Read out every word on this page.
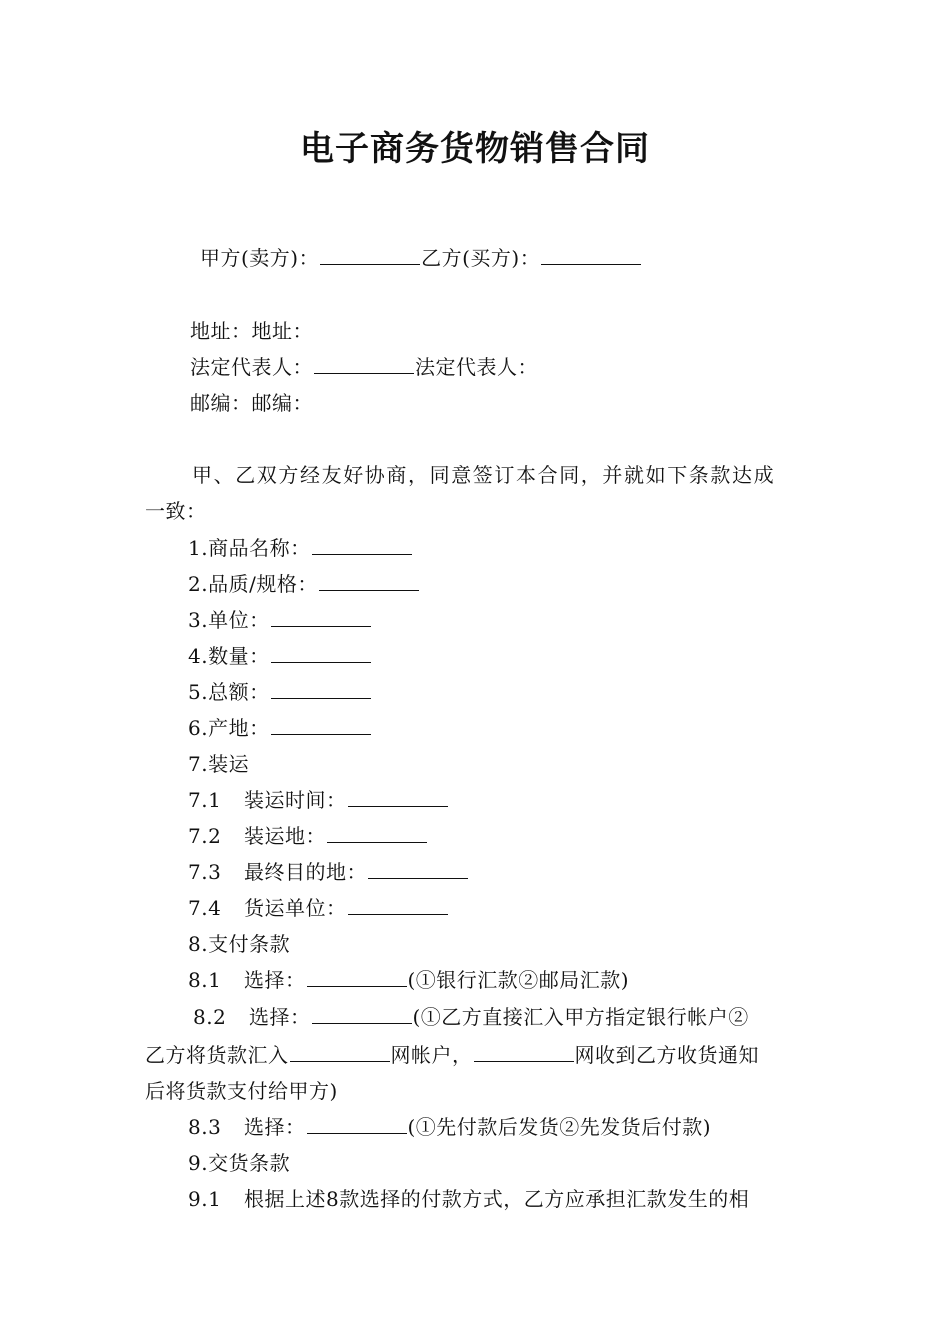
电子商务货物销售合同
甲方(卖方)：	乙方(买方)：
地址：地址：
法定代表人：	法定代表人：
邮编：邮编：
甲、乙双方经友好协商，同意签订本合同，并就如下条款达成
一致：
1.商品名称：
2.品质/规格：
3.单位：
4.数量：
5.总额：
6.产地：
7.装运
7.1 装运时间：
7.2 装运地：
7.3 最终目的地：
7.4 货运单位：
8.支付条款
8.1 选择：	(①银行汇款②邮局汇款)
8.2 选择：	(①乙方直接汇入甲方指定银行帐户②
乙方将货款汇入	网帐户，	网收到乙方收货通知
后将货款支付给甲方)
8.3 选择：	(①先付款后发货②先发货后付款)
9.交货条款
9.1 根据上述8款选择的付款方式，乙方应承担汇款发生的相
